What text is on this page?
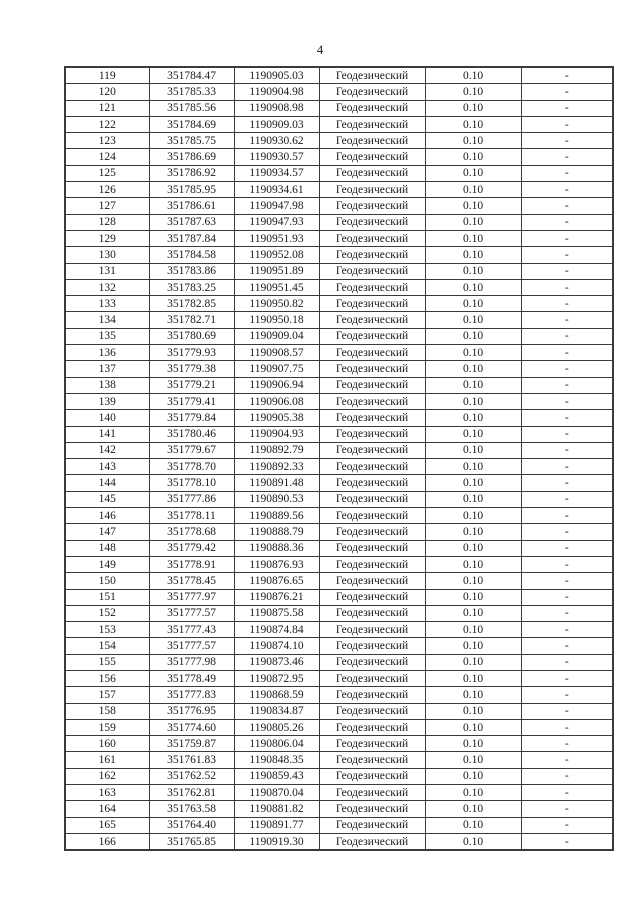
4
119	351784.47	1190905.03	Геодезический	0.10	-
120	351785.33	1190904.98	Геодезический	0.10	-
121	351785.56	1190908.98	Геодезический	0.10	-
122	351784.69	1190909.03	Геодезический	0.10	-
123	351785.75	1190930.62	Геодезический	0.10	-
124	351786.69	1190930.57	Геодезический	0.10	-
125	351786.92	1190934.57	Геодезический	0.10	-
126	351785.95	1190934.61	Геодезический	0.10	-
127	351786.61	1190947.98	Геодезический	0.10	-
128	351787.63	1190947.93	Геодезический	0.10	-
129	351787.84	1190951.93	Геодезический	0.10	-
130	351784.58	1190952.08	Геодезический	0.10	-
131	351783.86	1190951.89	Геодезический	0.10	-
132	351783.25	1190951.45	Геодезический	0.10	-
133	351782.85	1190950.82	Геодезический	0.10	-
134	351782.71	1190950.18	Геодезический	0.10	-
135	351780.69	1190909.04	Геодезический	0.10	-
136	351779.93	1190908.57	Геодезический	0.10	-
137	351779.38	1190907.75	Геодезический	0.10	-
138	351779.21	1190906.94	Геодезический	0.10	-
139	351779.41	1190906.08	Геодезический	0.10	-
140	351779.84	1190905.38	Геодезический	0.10	-
141	351780.46	1190904.93	Геодезический	0.10	-
142	351779.67	1190892.79	Геодезический	0.10	-
143	351778.70	1190892.33	Геодезический	0.10	-
144	351778.10	1190891.48	Геодезический	0.10	-
145	351777.86	1190890.53	Геодезический	0.10	-
146	351778.11	1190889.56	Геодезический	0.10	-
147	351778.68	1190888.79	Геодезический	0.10	-
148	351779.42	1190888.36	Геодезический	0.10	-
149	351778.91	1190876.93	Геодезический	0.10	-
150	351778.45	1190876.65	Геодезический	0.10	-
151	351777.97	1190876.21	Геодезический	0.10	-
152	351777.57	1190875.58	Геодезический	0.10	-
153	351777.43	1190874.84	Геодезический	0.10	-
154	351777.57	1190874.10	Геодезический	0.10	-
155	351777.98	1190873.46	Геодезический	0.10	-
156	351778.49	1190872.95	Геодезический	0.10	-
157	351777.83	1190868.59	Геодезический	0.10	-
158	351776.95	1190834.87	Геодезический	0.10	-
159	351774.60	1190805.26	Геодезический	0.10	-
160	351759.87	1190806.04	Геодезический	0.10	-
161	351761.83	1190848.35	Геодезический	0.10	-
162	351762.52	1190859.43	Геодезический	0.10	-
163	351762.81	1190870.04	Геодезический	0.10	-
164	351763.58	1190881.82	Геодезический	0.10	-
165	351764.40	1190891.77	Геодезический	0.10	-
166	351765.85	1190919.30	Геодезический	0.10	-
